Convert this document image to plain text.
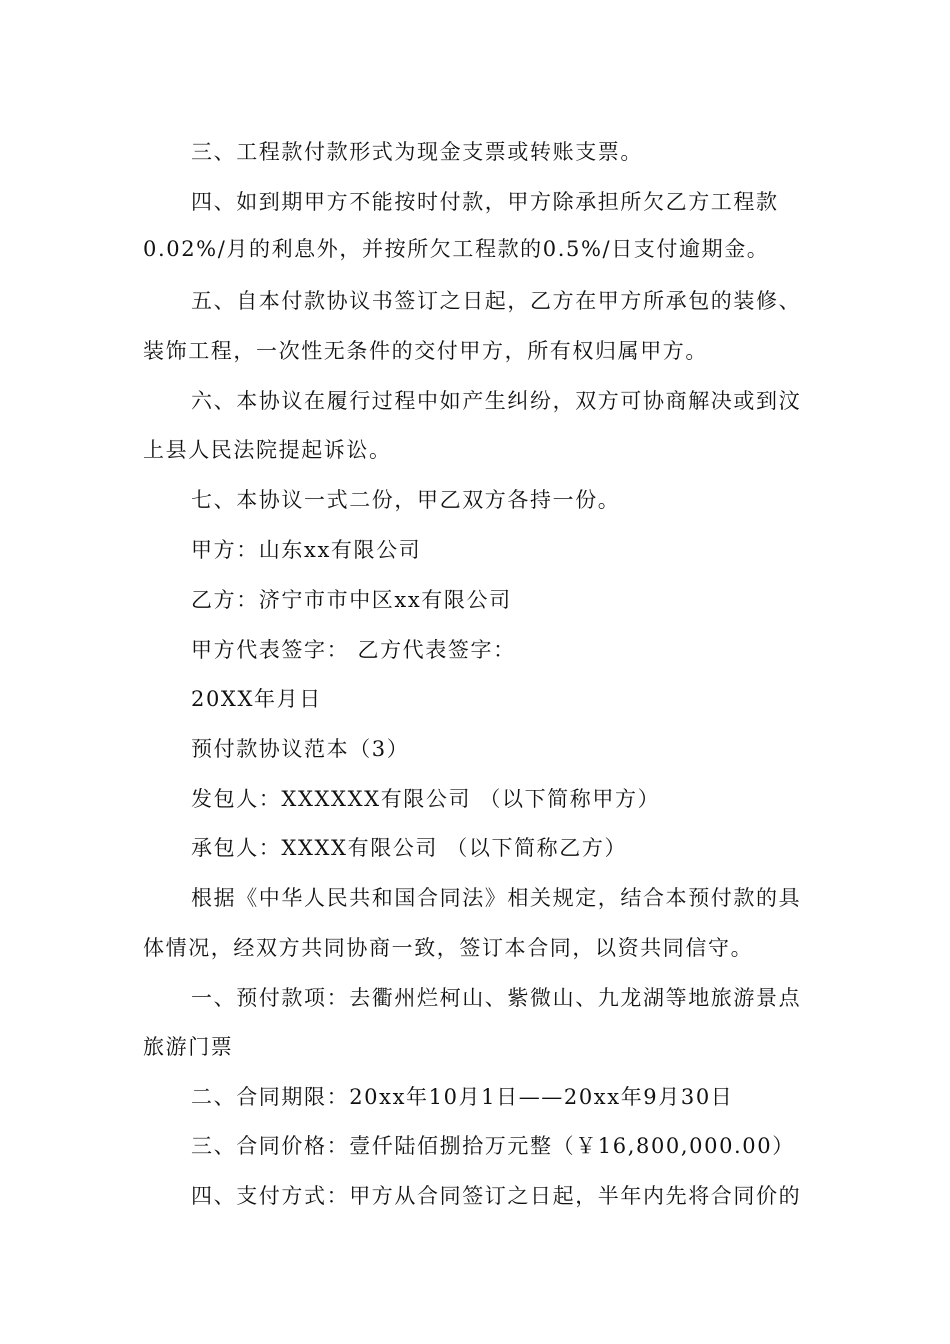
三、工程款付款形式为现金支票或转账支票。
四、如到期甲方不能按时付款，甲方除承担所欠乙方工程款
0.02%/月的利息外，并按所欠工程款的0.5%/日支付逾期金。
五、自本付款协议书签订之日起，乙方在甲方所承包的装修、
装饰工程，一次性无条件的交付甲方，所有权归属甲方。
六、本协议在履行过程中如产生纠纷，双方可协商解决或到汶
上县人民法院提起诉讼。
七、本协议一式二份，甲乙双方各持一份。
甲方：山东xx有限公司
乙方：济宁市市中区xx有限公司
甲方代表签字： 乙方代表签字：
20XX年月日
预付款协议范本（3）
发包人：XXXXXX有限公司 （以下简称甲方）
承包人：XXXX有限公司 （以下简称乙方）
根据《中华人民共和国合同法》相关规定，结合本预付款的具
体情况，经双方共同协商一致，签订本合同，以资共同信守。
一、预付款项：去衢州烂柯山、紫微山、九龙湖等地旅游景点
旅游门票
二、合同期限：20xx年10月1日——20xx年9月30日
三、合同价格：壹仟陆佰捌拾万元整（￥16,800,000.00）
四、支付方式：甲方从合同签订之日起，半年内先将合同价的
